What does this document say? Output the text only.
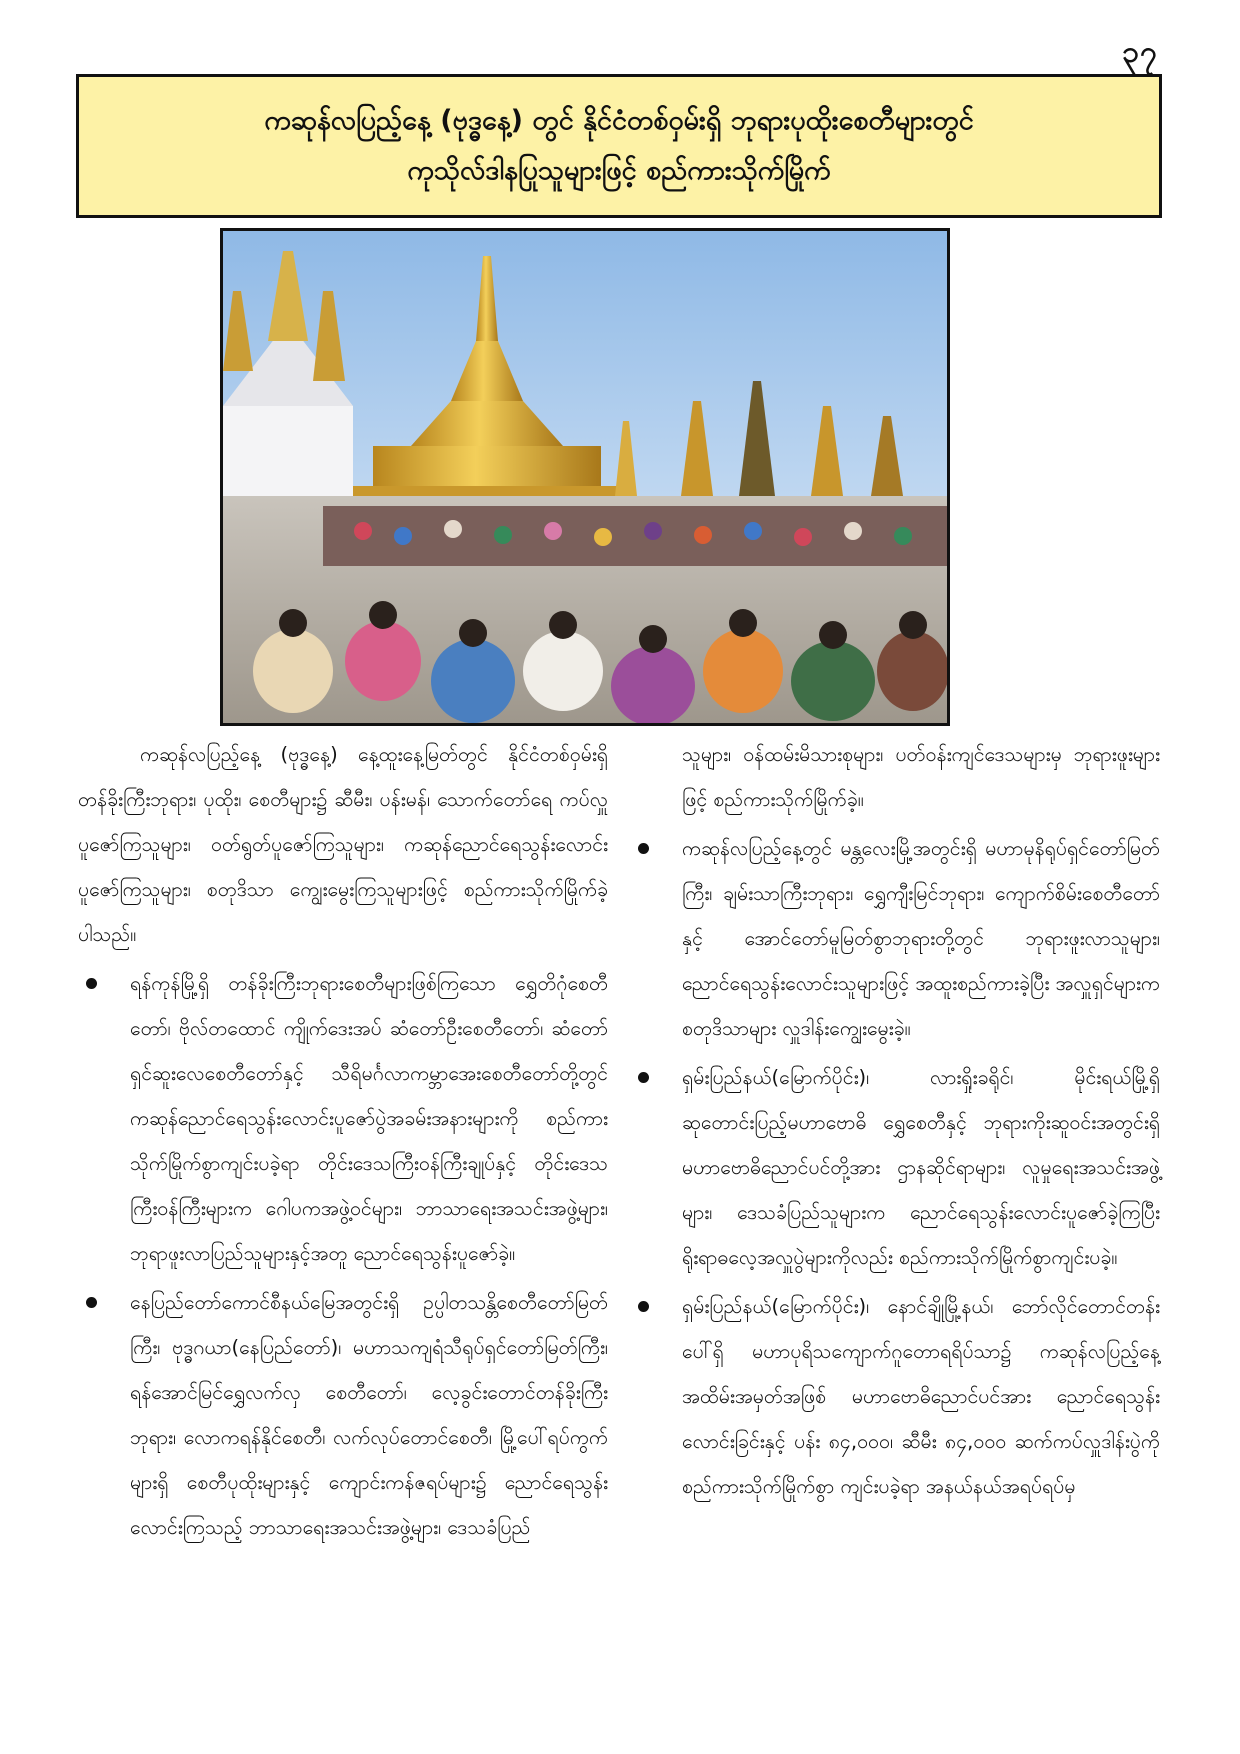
၃၇
ကဆုန်လပြည့်နေ့ (ဗုဒ္ဓနေ့) တွင် နိုင်ငံတစ်ဝှမ်းရှိ ဘုရားပုထိုးစေတီများတွင်
ကုသိုလ်ဒါနပြုသူများဖြင့် စည်ကားသိုက်မြိုက်

ကဆုန်လပြည့်နေ့ (ဗုဒ္ဓနေ့) နေ့ထူးနေ့မြတ်တွင် နိုင်ငံတစ်ဝှမ်းရှိ တန်ခိုးကြီးဘုရား၊ ပုထိုး၊ စေတီများ၌ ဆီမီး၊ ပန်းမန်၊ သောက်တော်ရေ ကပ်လှူပူဇော်ကြသူများ၊ ဝတ်ရွတ်ပူဇော်ကြသူများ၊ ကဆုန်ညောင်ရေသွန်းလောင်းပူဇော်ကြသူများ၊ စတုဒိသာ ကျွေးမွေးကြသူများဖြင့် စည်ကားသိုက်မြိုက်ခဲ့ပါသည်။

ရန်ကုန်မြို့ရှိ တန်ခိုးကြီးဘုရားစေတီများဖြစ်ကြသော ရွှေတိဂုံစေတီတော်၊ ဗိုလ်တထောင် ကျိုက်ဒေးအပ် ဆံတော်ဦးစေတီတော်၊ ဆံတော်ရှင်ဆူးလေစေတီတော်နှင့် သီရိမင်္ဂလာကမ္ဘာအေးစေတီတော်တို့တွင် ကဆုန်ညောင်ရေသွန်းလောင်းပူဇော်ပွဲအခမ်းအနားများကို စည်ကားသိုက်မြိုက်စွာကျင်းပခဲ့ရာ တိုင်းဒေသကြီးဝန်ကြီးချုပ်နှင့် တိုင်းဒေသကြီးဝန်ကြီးများက ဂေါပကအဖွဲ့ဝင်များ၊ ဘာသာရေးအသင်းအဖွဲ့များ၊ ဘုရာဖူးလာပြည်သူများနှင့်အတူ ညောင်ရေသွန်းပူဇော်ခဲ့။
နေပြည်တော်ကောင်စီနယ်မြေအတွင်းရှိ ဥပ္ပါတသန္တိစေတီတော်မြတ်ကြီး၊ ဗုဒ္ဓဂယာ(နေပြည်တော်)၊ မဟာသကျရံသီရုပ်ရှင်တော်မြတ်ကြီး၊ ရန်အောင်မြင်ရွှေလက်လှ စေတီတော်၊ လေ့ခွင်းတောင်တန်ခိုးကြီးဘုရား၊ လောကရန်နိုင်စေတီ၊ လက်လုပ်တောင်စေတီ၊ မြို့ပေါ်ရပ်ကွက်များရှိ စေတီပုထိုးများနှင့် ကျောင်းကန်ဇရပ်များ၌ ညောင်ရေသွန်းလောင်းကြသည့် ဘာသာရေးအသင်းအဖွဲ့များ၊ ဒေသခံပြည်

သူများ၊ ဝန်ထမ်းမိသားစုများ၊ ပတ်ဝန်းကျင်ဒေသများမှ ဘုရားဖူးများဖြင့် စည်ကားသိုက်မြိုက်ခဲ့။

ကဆုန်လပြည့်နေ့တွင် မန္တလေးမြို့အတွင်းရှိ မဟာမုနိရုပ်ရှင်တော်မြတ်ကြီး၊ ချမ်းသာကြီးဘုရား၊ ရွှေကျီးမြင်ဘုရား၊ ကျောက်စိမ်းစေတီတော်နှင့် အောင်တော်မူမြတ်စွာဘုရားတို့တွင် ဘုရားဖူးလာသူများ၊ ညောင်ရေသွန်းလောင်းသူများဖြင့် အထူးစည်ကားခဲ့ပြီး အလှူရှင်များက စတုဒိသာများ လှူဒါန်းကျွေးမွေးခဲ့။
ရှမ်းပြည်နယ်(မြောက်ပိုင်း)၊ လားရှိုးခရိုင်၊ မိုင်းရယ်မြို့ရှိ ဆုတောင်းပြည့်မဟာဗောဓိ ရွှေစေတီနှင့် ဘုရားကိုးဆူဝင်းအတွင်းရှိ မဟာဗောဓိညောင်ပင်တို့အား ဌာနဆိုင်ရာများ၊ လူမှုရေးအသင်းအဖွဲ့များ၊ ဒေသခံပြည်သူများက ညောင်ရေသွန်းလောင်းပူဇော်ခဲ့ကြပြီး ရိုးရာဓလေ့အလှူပွဲများကိုလည်း စည်ကားသိုက်မြိုက်စွာကျင်းပခဲ့။
ရှမ်းပြည်နယ်(မြောက်ပိုင်း)၊ နောင်ချိုမြို့နယ်၊ ဘော်လိုင်တောင်တန်းပေါ်ရှိ မဟာပုရိသကျောက်ဂူတောရရိပ်သာ၌ ကဆုန်လပြည့်နေ့အထိမ်းအမှတ်အဖြစ် မဟာဗောဓိညောင်ပင်အား ညောင်ရေသွန်းလောင်းခြင်းနှင့် ပန်း ၈၄,၀၀၀၊ ဆီမီး ၈၄,၀၀၀ ဆက်ကပ်လှူဒါန်းပွဲကို စည်ကားသိုက်မြိုက်စွာ ကျင်းပခဲ့ရာ အနယ်နယ်အရပ်ရပ်မှ
